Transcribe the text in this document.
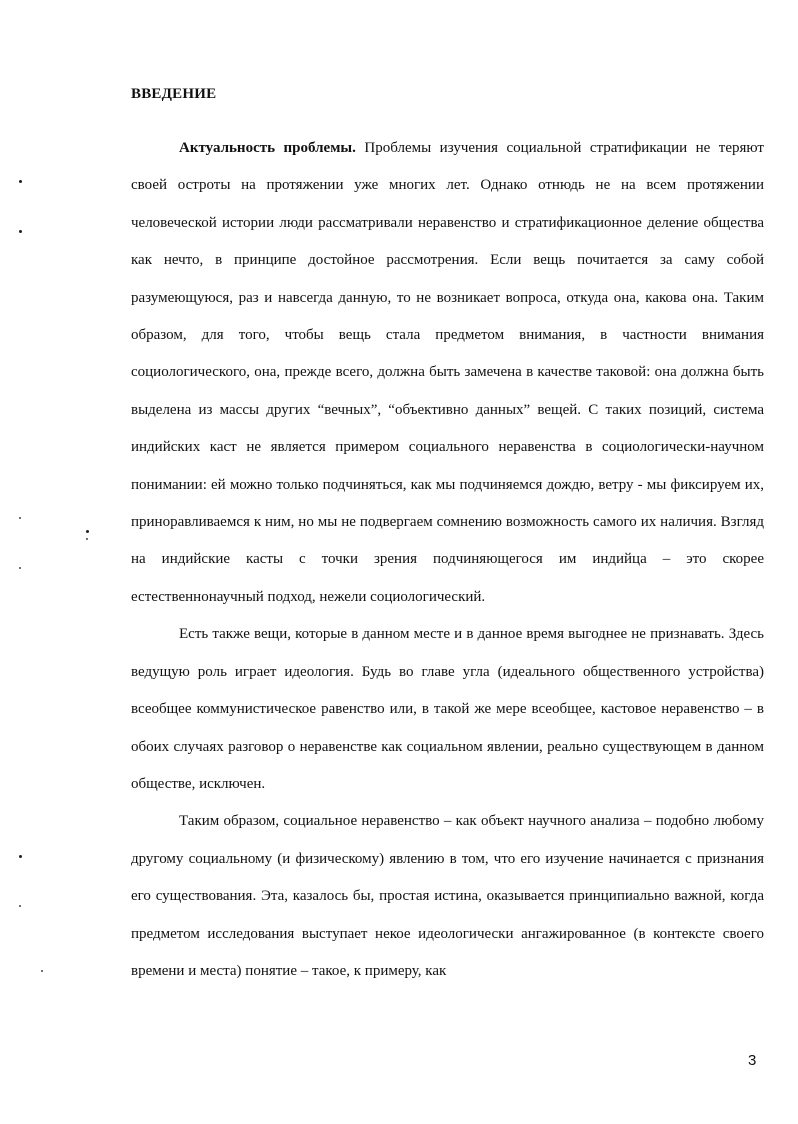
ВВЕДЕНИЕ

Актуальность проблемы. Проблемы изучения социальной стратификации не теряют своей остроты на протяжении уже многих лет. Однако отнюдь не на всем протяжении человеческой истории люди рассматривали неравенство и стратификационное деление общества как нечто, в принципе достойное рассмотрения. Если вещь почитается за саму собой разумеющуюся, раз и навсегда данную, то не возникает вопроса, откуда она, какова она. Таким образом, для того, чтобы вещь стала предметом внимания, в частности внимания социологического, она, прежде всего, должна быть замечена в качестве таковой: она должна быть выделена из массы других “вечных”, “объективно данных” вещей. С таких позиций, система индийских каст не является примером социального неравенства в социологически-научном понимании: ей можно только подчиняться, как мы подчиняемся дождю, ветру - мы фиксируем их, приноравливаемся к ним, но мы не подвергаем сомнению возможность самого их наличия. Взгляд на индийские касты с точки зрения подчиняющегося им индийца – это скорее естественнонаучный подход, нежели социологический.

Есть также вещи, которые в данном месте и в данное время выгоднее не признавать. Здесь ведущую роль играет идеология. Будь во главе угла (идеального общественного устройства) всеобщее коммунистическое равенство или, в такой же мере всеобщее, кастовое неравенство – в обоих случаях разговор о неравенстве как социальном явлении, реально существующем в данном обществе, исключен.

Таким образом, социальное неравенство – как объект научного анализа – подобно любому другому социальному (и физическому) явлению в том, что его изучение начинается с признания его существования. Эта, казалось бы, простая истина, оказывается принципиально важной, когда предметом исследования выступает некое идеологически ангажированное (в контексте своего времени и места) понятие – такое, к примеру, как

3
